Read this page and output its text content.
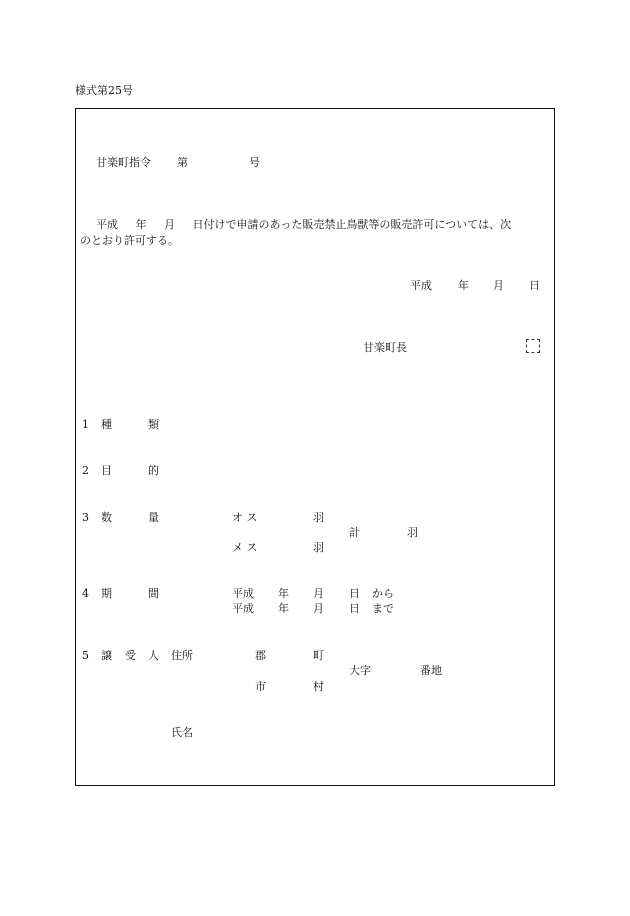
様式第25号
甘楽町指令 第	号
平成 年 月 日付けで申請のあった販売禁止鳥獣等の販売許可については、次
のとおり許可する。
平成 年 月 日
甘楽町長
1 種	類
2 目	的
3 数	量	オ ス	羽
計	羽
メ ス	羽
4 期	間	平成 年 月 日 から
平成 年 月 日 まで
5 譲 受 人 住所	郡	町
大字	番地
市	村
氏名
